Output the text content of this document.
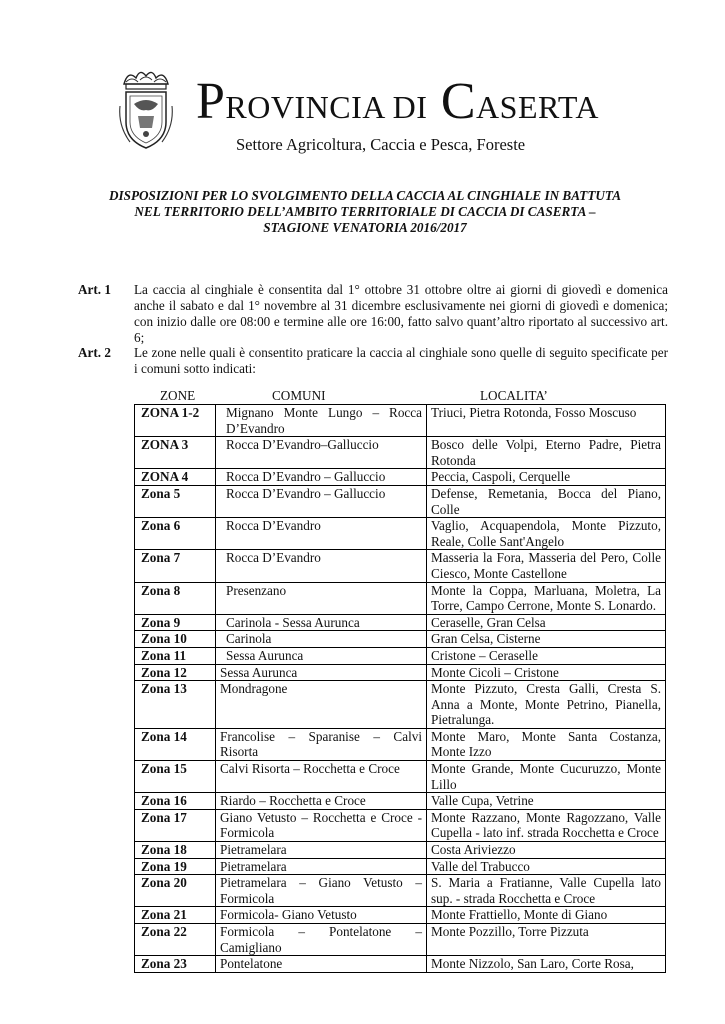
PROVINCIA DI CASERTA
Settore Agricoltura, Caccia e Pesca, Foreste
DISPOSIZIONI PER LO SVOLGIMENTO DELLA CACCIA AL CINGHIALE IN BATTUTA
NEL TERRITORIO DELL’AMBITO TERRITORIALE DI CACCIA DI CASERTA –
STAGIONE VENATORIA 2016/2017
Art. 1 La caccia al cinghiale è consentita dal 1° ottobre 31 ottobre oltre ai giorni di giovedì e domenica anche il sabato e dal 1° novembre al 31 dicembre esclusivamente nei giorni di giovedì e domenica; con inizio dalle ore 08:00 e termine alle ore 16:00, fatto salvo quant’altro riportato al successivo art. 6;
Art. 2 Le zone nelle quali è consentito praticare la caccia al cinghiale sono quelle di seguito specificate per i comuni sotto indicati:
ZONE	COMUNI	LOCALITA’
ZONA 1-2	Mignano Monte Lungo – Rocca D’Evandro	Triuci, Pietra Rotonda, Fosso Moscuso
ZONA 3	Rocca D’Evandro–Galluccio	Bosco delle Volpi, Eterno Padre, Pietra Rotonda
ZONA 4	Rocca D’Evandro – Galluccio	Peccia, Caspoli, Cerquelle
Zona 5	Rocca D’Evandro – Galluccio	Defense, Remetania, Bocca del Piano, Colle
Zona 6	Rocca D’Evandro	Vaglio, Acquapendola, Monte Pizzuto, Reale, Colle Sant'Angelo
Zona 7	Rocca D’Evandro	Masseria la Fora, Masseria del Pero, Colle Ciesco, Monte Castellone
Zona 8	Presenzano	Monte la Coppa, Marluana, Moletra, La Torre, Campo Cerrone, Monte S. Lonardo.
Zona 9	Carinola - Sessa Aurunca	Ceraselle, Gran Celsa
Zona 10	Carinola	Gran Celsa, Cisterne
Zona 11	Sessa Aurunca	Cristone – Ceraselle
Zona 12	Sessa Aurunca	Monte Cicoli – Cristone
Zona 13	Mondragone	Monte Pizzuto, Cresta Galli, Cresta S. Anna a Monte, Monte Petrino, Pianella, Pietralunga.
Zona 14	Francolise – Sparanise – Calvi Risorta	Monte Maro, Monte Santa Costanza, Monte Izzo
Zona 15	Calvi Risorta – Rocchetta e Croce	Monte Grande, Monte Cucuruzzo, Monte Lillo
Zona 16	Riardo – Rocchetta e Croce	Valle Cupa, Vetrine
Zona 17	Giano Vetusto – Rocchetta e Croce - Formicola	Monte Razzano, Monte Ragozzano, Valle Cupella - lato inf. strada Rocchetta e Croce
Zona 18	Pietramelara	Costa Ariviezzo
Zona 19	Pietramelara	Valle del Trabucco
Zona 20	Pietramelara – Giano Vetusto – Formicola	S. Maria a Fratianne, Valle Cupella lato sup. - strada Rocchetta e Croce
Zona 21	Formicola- Giano Vetusto	Monte Frattiello, Monte di Giano
Zona 22	Formicola – Pontelatone – Camigliano	Monte Pozzillo, Torre Pizzuta
Zona 23	Pontelatone	Monte Nizzolo, San Laro, Corte Rosa,
